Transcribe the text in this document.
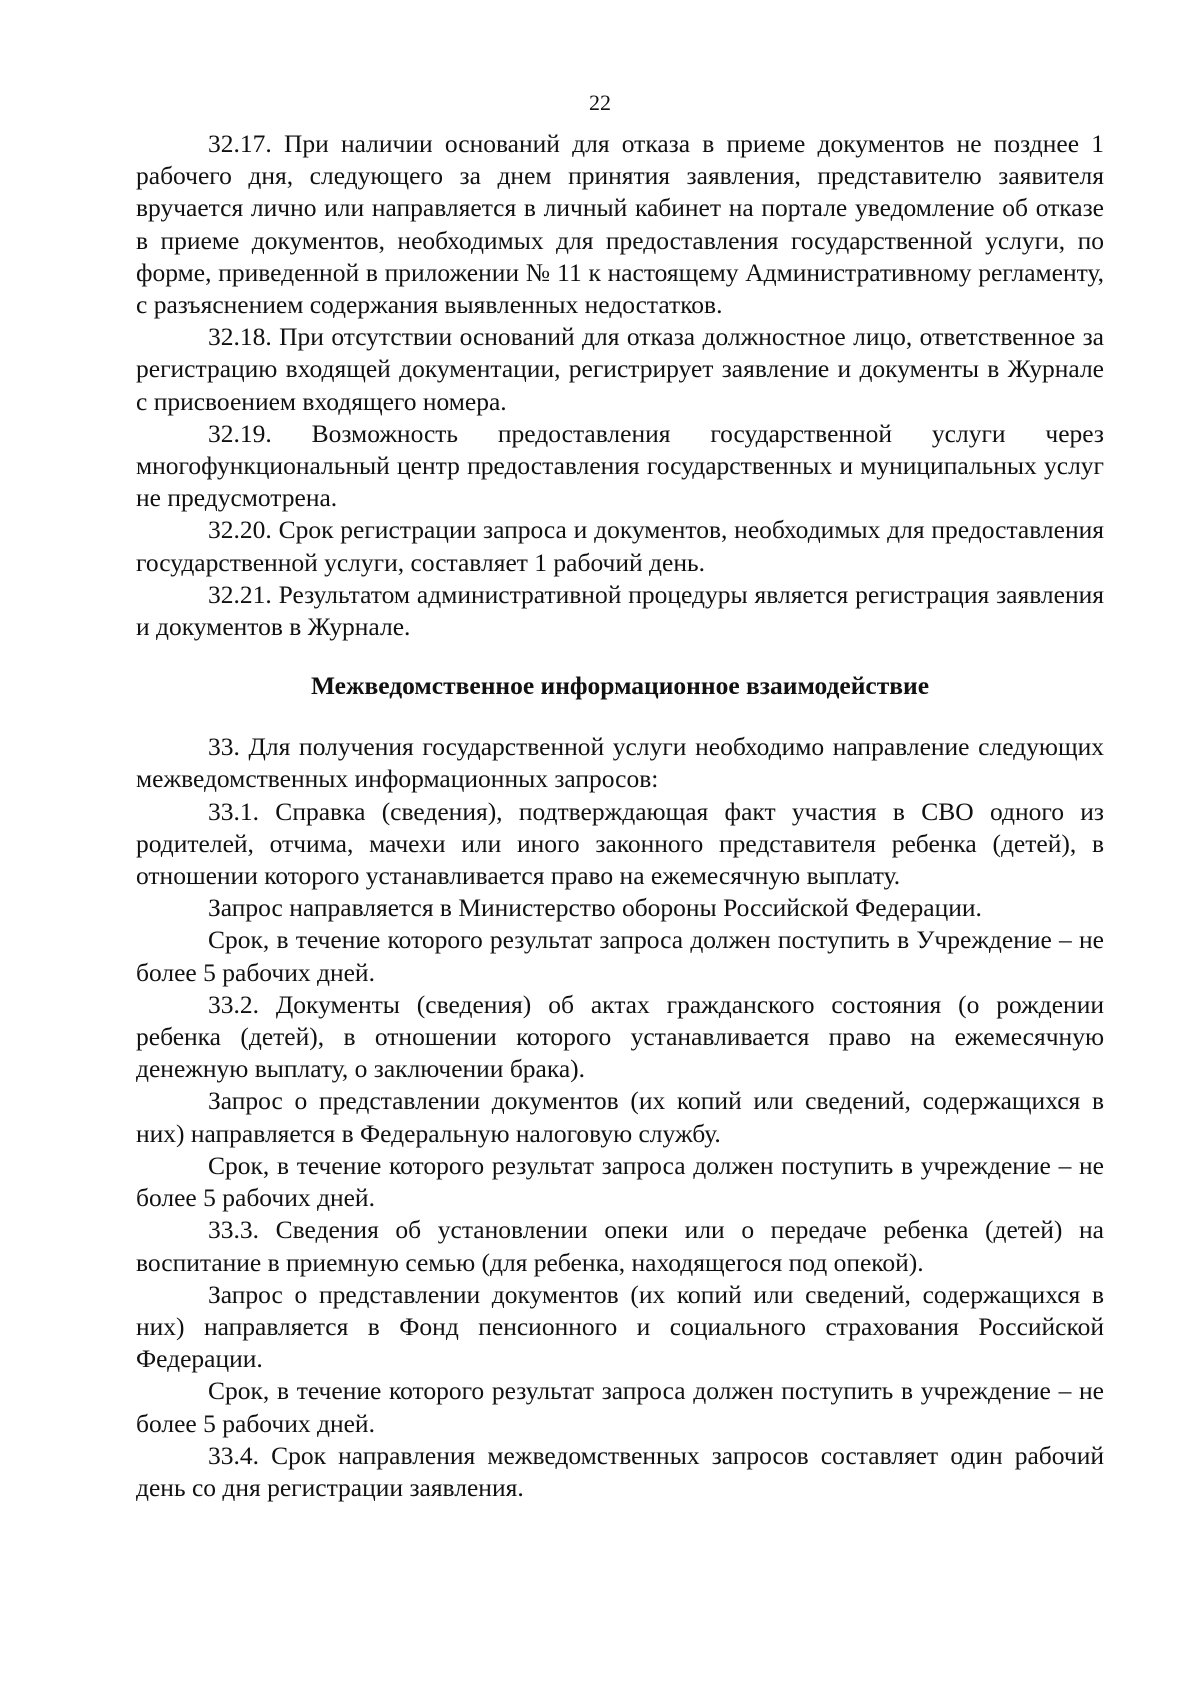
22

32.17. При наличии оснований для отказа в приеме документов не позднее 1 рабочего дня, следующего за днем принятия заявления, представителю заявителя вручается лично или направляется в личный кабинет на портале уведомление об отказе в приеме документов, необходимых для предоставления государственной услуги, по форме, приведенной в приложении № 11 к настоящему Административному регламенту, с разъяснением содержания выявленных недостатков.

32.18. При отсутствии оснований для отказа должностное лицо, ответственное за регистрацию входящей документации, регистрирует заявление и документы в Журнале с присвоением входящего номера.

32.19. Возможность предоставления государственной услуги через многофункциональный центр предоставления государственных и муниципальных услуг не предусмотрена.

32.20. Срок регистрации запроса и документов, необходимых для предоставления государственной услуги, составляет 1 рабочий день.

32.21. Результатом административной процедуры является регистрация заявления и документов в Журнале.

Межведомственное информационное взаимодействие

33. Для получения государственной услуги необходимо направление следующих межведомственных информационных запросов:

33.1. Справка (сведения), подтверждающая факт участия в СВО одного из родителей, отчима, мачехи или иного законного представителя ребенка (детей), в отношении которого устанавливается право на ежемесячную выплату.

Запрос направляется в Министерство обороны Российской Федерации.

Срок, в течение которого результат запроса должен поступить в Учреждение – не более 5 рабочих дней.

33.2. Документы (сведения) об актах гражданского состояния (о рождении ребенка (детей), в отношении которого устанавливается право на ежемесячную денежную выплату, о заключении брака).

Запрос о представлении документов (их копий или сведений, содержащихся в них) направляется в Федеральную налоговую службу.

Срок, в течение которого результат запроса должен поступить в учреждение – не более 5 рабочих дней.

33.3. Сведения об установлении опеки или о передаче ребенка (детей) на воспитание в приемную семью (для ребенка, находящегося под опекой).

Запрос о представлении документов (их копий или сведений, содержащихся в них) направляется в Фонд пенсионного и социального страхования Российской Федерации.

Срок, в течение которого результат запроса должен поступить в учреждение – не более 5 рабочих дней.

33.4. Срок направления межведомственных запросов составляет один рабочий день со дня регистрации заявления.
